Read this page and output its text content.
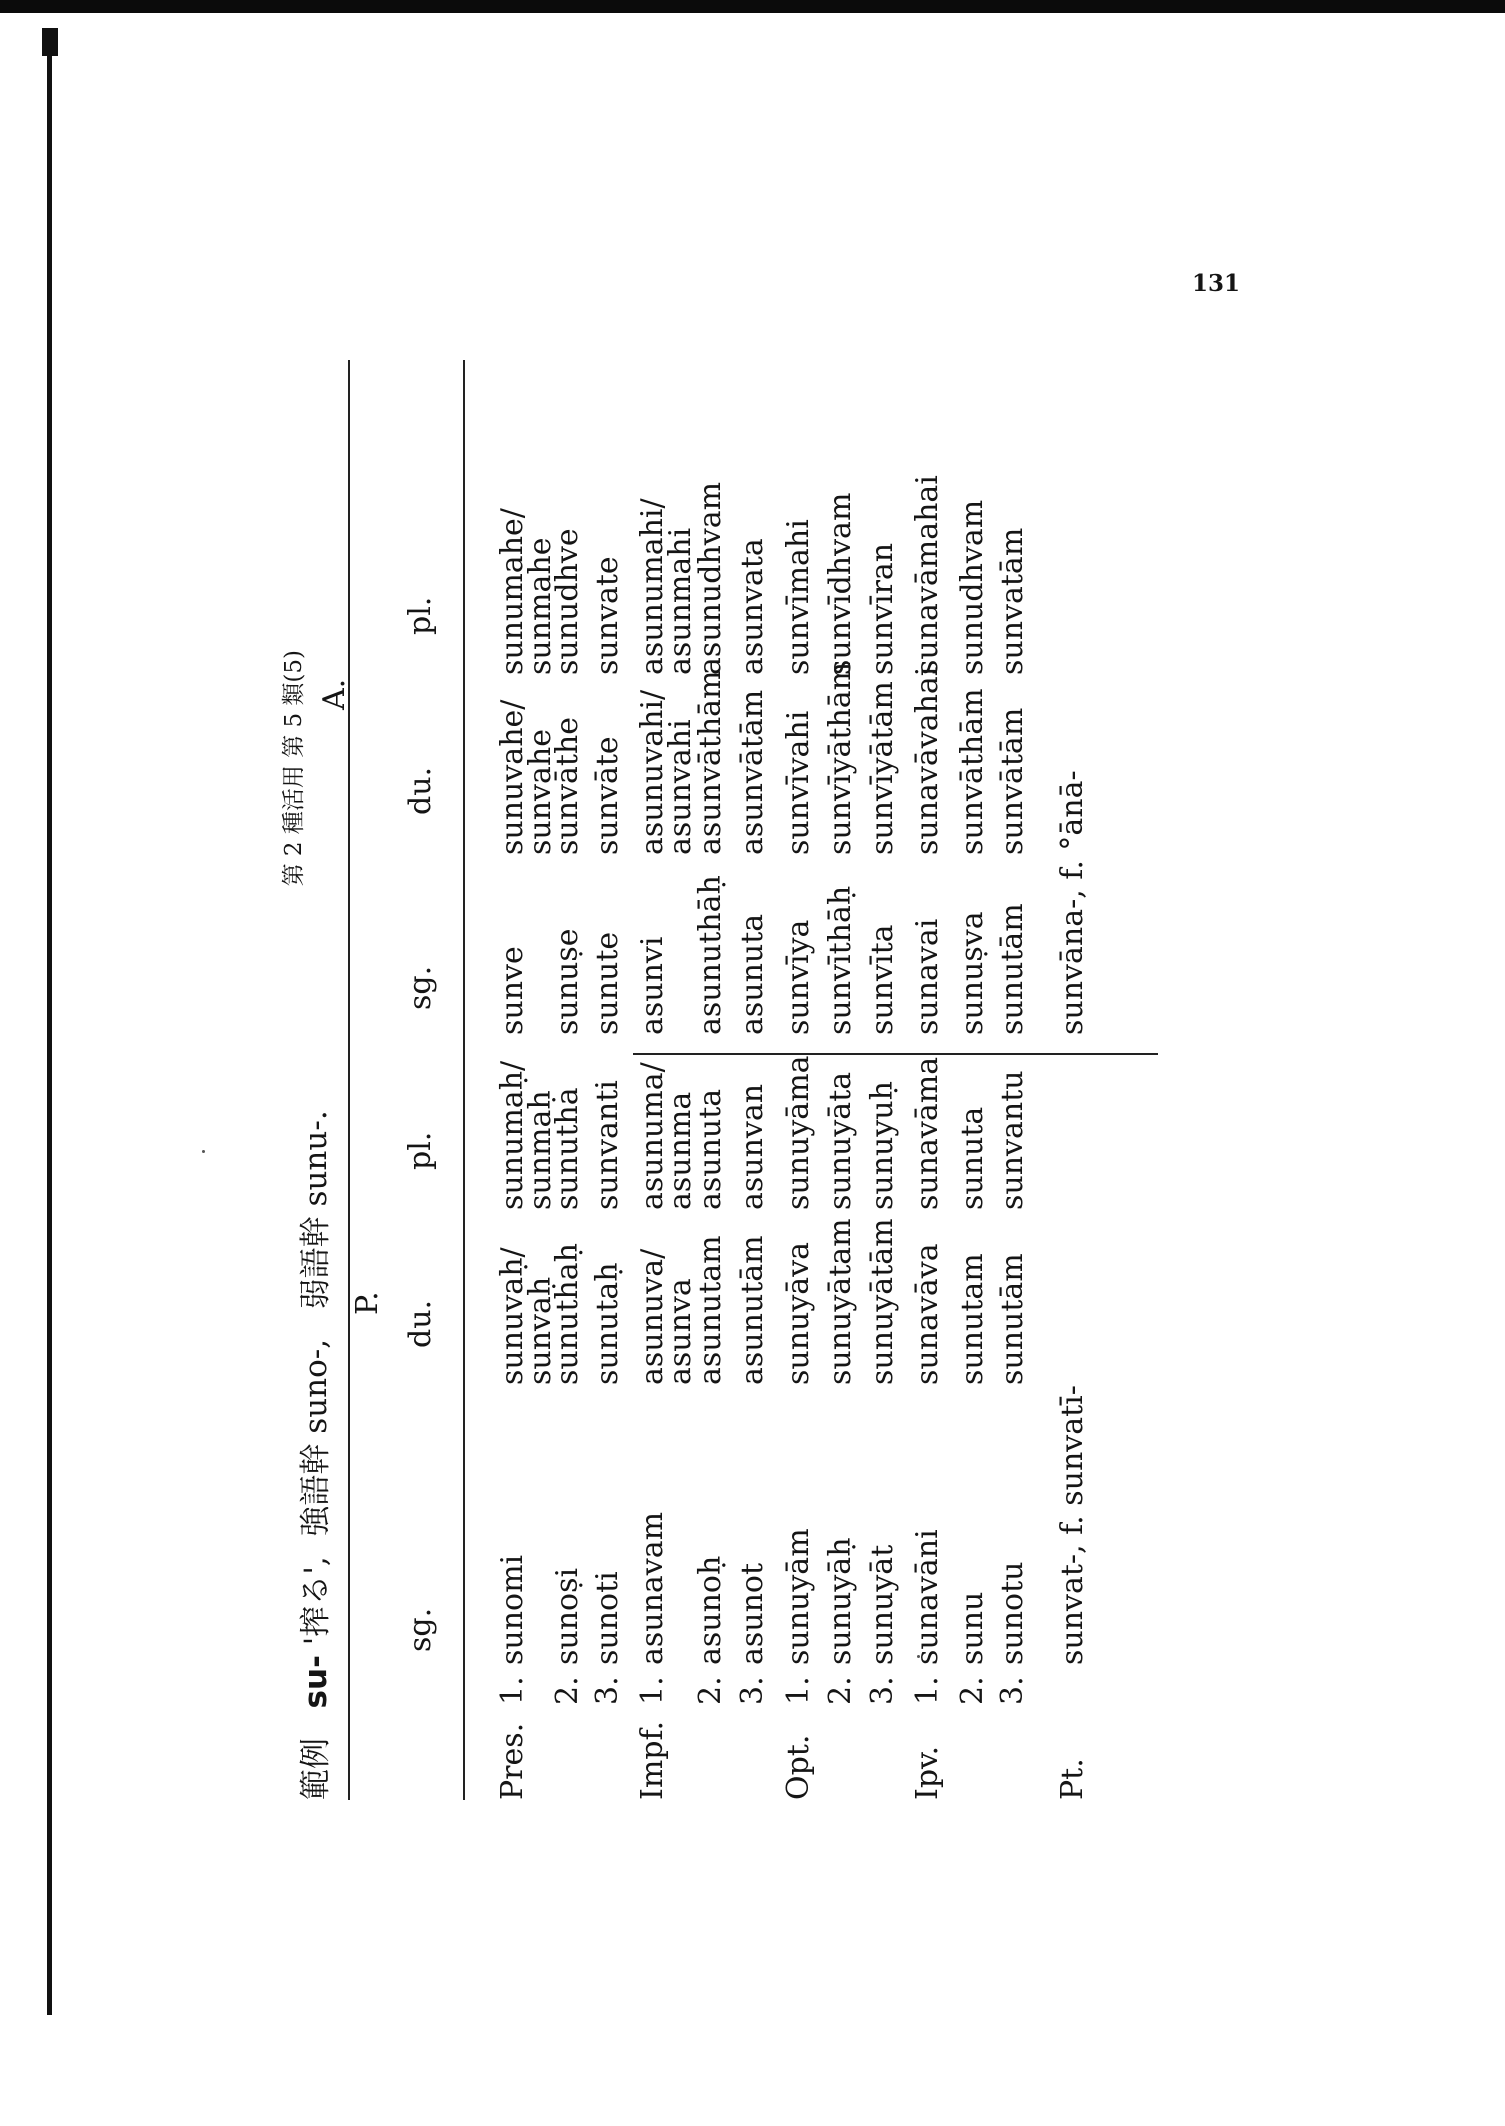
131
第 2 種活用 第 5 類(5)
範例   su- '搾る',  強語幹 suno-,   弱語幹 sunu-. P.
A.
sg.
du.
pl.
sg.
du.
pl.
Pres.
1.
sunomi
sunuvaḥ/
sunvaḥ
sunumaḥ/
sunmaḥ
sunve
sunuvahe/
sunvahe
sunumahe/
sunmahe
2.
sunoṣi
sunuthaḥ
sunutha
sunuṣe
sunvāthe
sunudhve
3.
sunoti
sunutaḥ
sunvanti
sunute
sunvāte
sunvate
Impf.
1.
asunavam
asunuva/
asunva
asunuma/
asunma
asunvi
asunuvahi/
asunvahi
asunumahi/
asunmahi
2.
asunoḥ
asunutam
asunuta
asunuthāḥ
asunvāthām
asunudhvam
3.
asunot
asunutām
asunvan
asunuta
asunvātām
asunvata
Opt.
1.
sunuyām
sunuyāva
sunuyāma
sunvīya
sunvīvahi
sunvīmahi
2.
sunuyāḥ
sunuyātam
sunuyāta
sunvīthāḥ
sunvīyāthām
sunvīdhvam
3.
sunuyāt
sunuyātām
sunuyuḥ
sunvīta
sunvīyātām
sunvīran
Ipv.
1.
sunavāni
sunavāva
sunavāma
sunavai
sunavāvahai
sunavāmahai
2.
sunu
sunutam
sunuta
sunuṣva
sunvāthām
sunudhvam
3.
sunotu
sunutām
sunvantu
sunutām
sunvātām
sunvatām
Pt.
sunvat-, f. sunvatī-
sunvāna-, f. °ānā-
